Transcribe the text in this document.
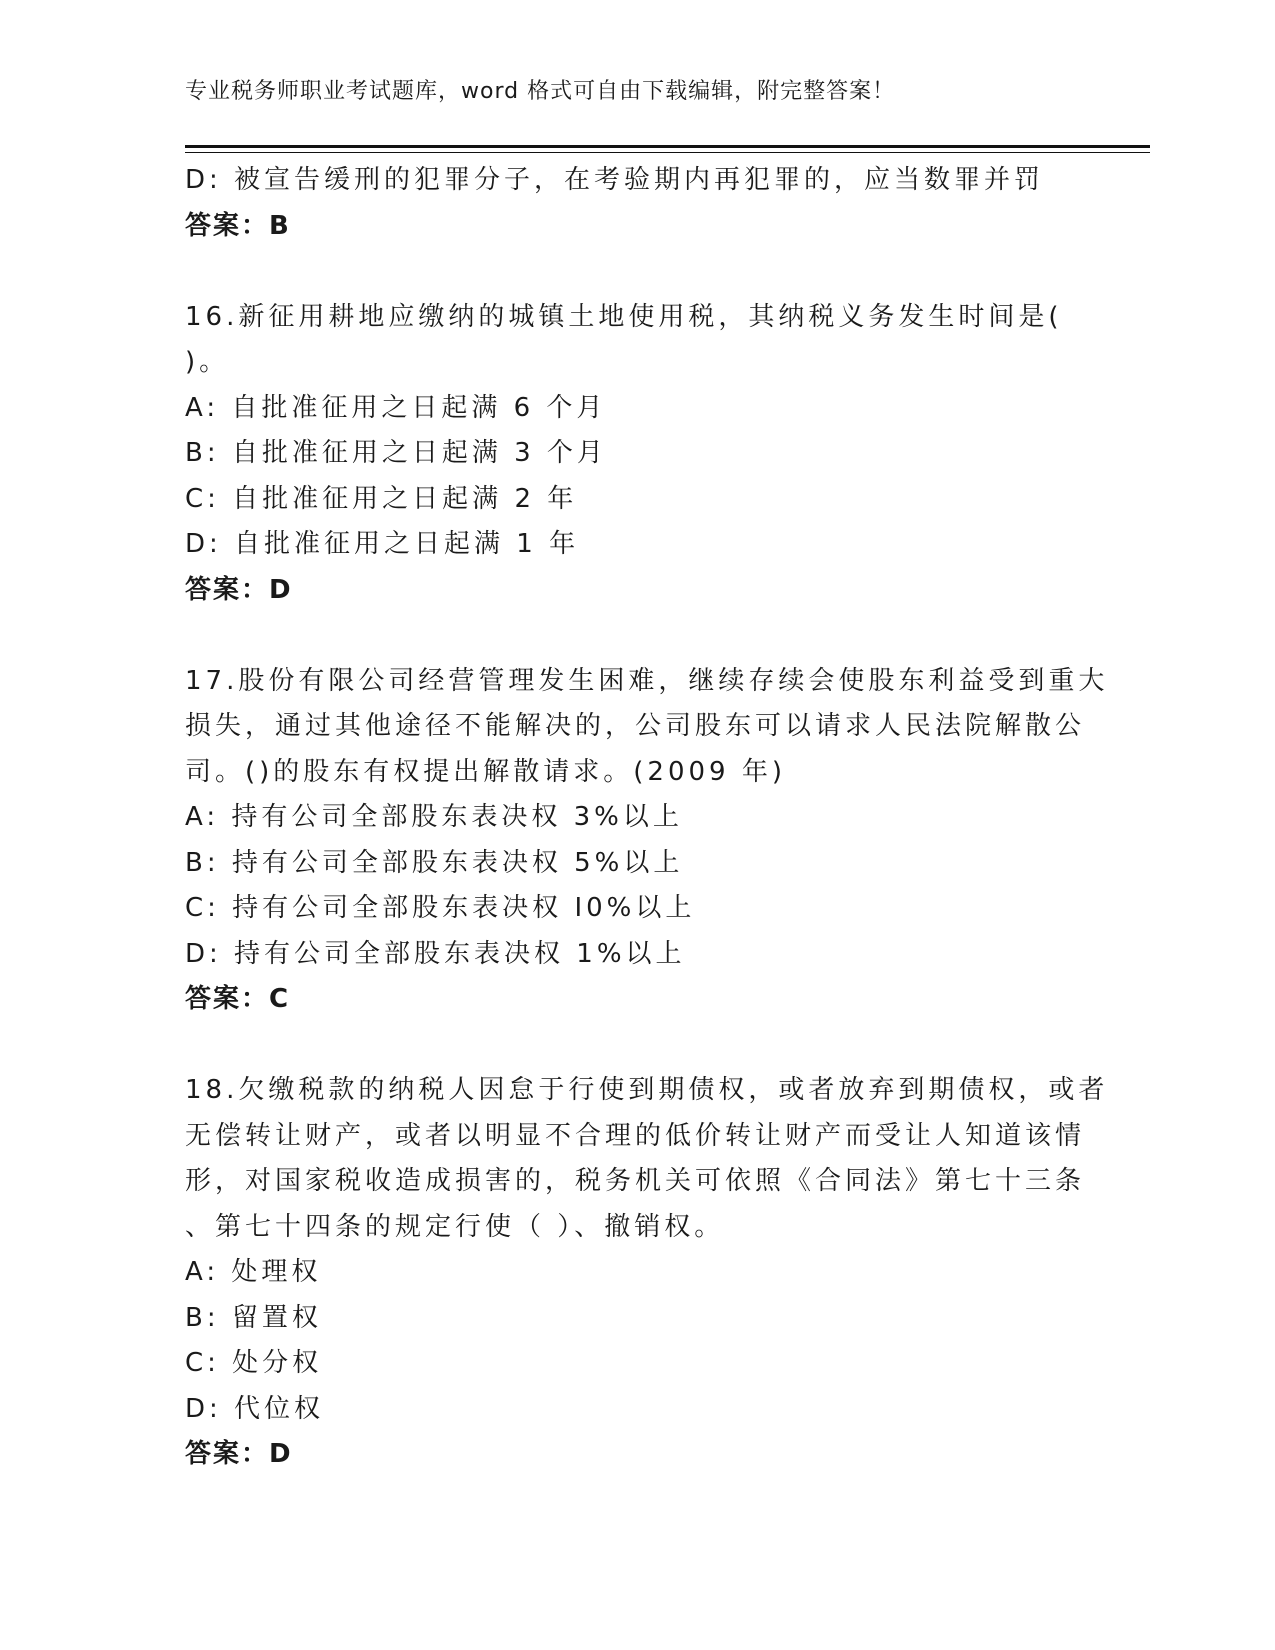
专业税务师职业考试题库，word 格式可自由下载编辑，附完整答案！
D: 被宣告缓刑的犯罪分子，在考验期内再犯罪的，应当数罪并罚
答案：B
16.新征用耕地应缴纳的城镇土地使用税，其纳税义务发生时间是(
)。
A: 自批准征用之日起满 6 个月
B: 自批准征用之日起满 3 个月
C: 自批准征用之日起满 2 年
D: 自批准征用之日起满 1 年
答案：D
17.股份有限公司经营管理发生困难，继续存续会使股东利益受到重大
损失，通过其他途径不能解决的，公司股东可以请求人民法院解散公
司。()的股东有权提出解散请求。(2009 年)
A: 持有公司全部股东表决权 3%以上
B: 持有公司全部股东表决权 5%以上
C: 持有公司全部股东表决权 I0%以上
D: 持有公司全部股东表决权 1%以上
答案：C
18.欠缴税款的纳税人因怠于行使到期债权，或者放弃到期债权，或者
无偿转让财产，或者以明显不合理的低价转让财产而受让人知道该情
形，对国家税收造成损害的，税务机关可依照《合同法》第七十三条
、第七十四条的规定行使（ ）、撤销权。
A: 处理权
B: 留置权
C: 处分权
D: 代位权
答案：D
